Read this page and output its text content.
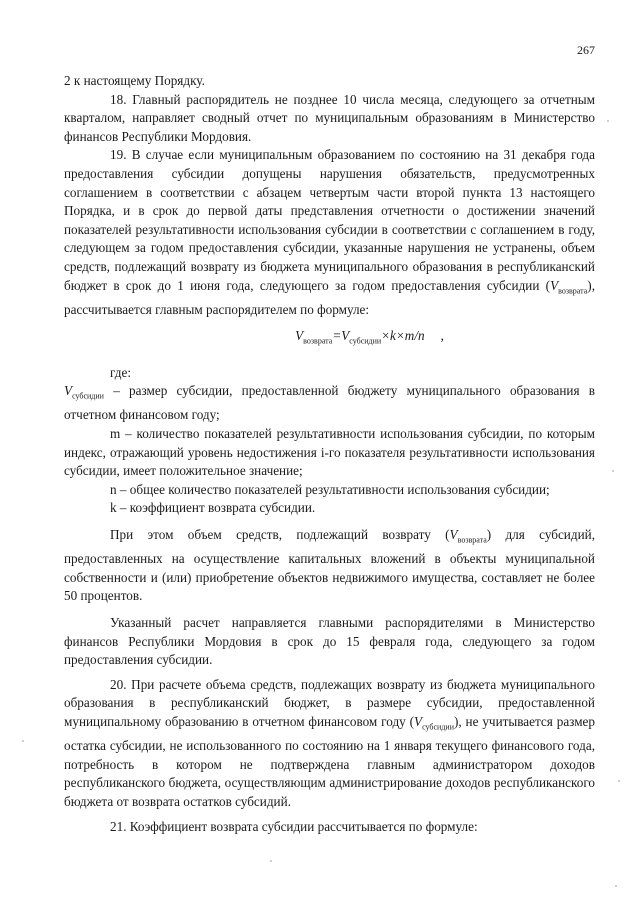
267

2 к настоящему Порядку.

18. Главный распорядитель не позднее 10 числа месяца, следующего за отчетным кварталом, направляет сводный отчет по муниципальным образованиям в Министерство финансов Республики Мордовия.

19. В случае если муниципальным образованием по состоянию на 31 декабря года предоставления субсидии допущены нарушения обязательств, предусмотренных соглашением в соответствии с абзацем четвертым части второй пункта 13 настоящего Порядка, и в срок до первой даты представления отчетности о достижении значений показателей результативности использования субсидии в соответствии с соглашением в году, следующем за годом предоставления субсидии, указанные нарушения не устранены, объем средств, подлежащий возврату из бюджета муниципального образования в республиканский бюджет в срок до 1 июня года, следующего за годом предоставления субсидии $(V_{возврата})$, рассчитывается главным распорядителем по формуле:

$V_{возврата}=V_{субсидии}\times k\times m/n$ ,

где:

$V_{субсидии}$ – размер субсидии, предоставленной бюджету муниципального образования в отчетном финансовом году;

m – количество показателей результативности использования субсидии, по которым индекс, отражающий уровень недостижения i-го показателя результативности использования субсидии, имеет положительное значение;

n – общее количество показателей результативности использования субсидии;

k – коэффициент возврата субсидии.

При этом объем средств, подлежащий возврату $(V_{возврата})$ для субсидий, предоставленных на осуществление капитальных вложений в объекты муниципальной собственности и (или) приобретение объектов недвижимого имущества, составляет не более 50 процентов.

Указанный расчет направляется главными распорядителями в Министерство финансов Республики Мордовия в срок до 15 февраля года, следующего за годом предоставления субсидии.

20. При расчете объема средств, подлежащих возврату из бюджета муниципального образования в республиканский бюджет, в размере субсидии, предоставленной муниципальному образованию в отчетном финансовом году $(V_{субсидии})$, не учитывается размер остатка субсидии, не использованного по состоянию на 1 января текущего финансового года, потребность в котором не подтверждена главным администратором доходов республиканского бюджета, осуществляющим администрирование доходов республиканского бюджета от возврата остатков субсидий.

21. Коэффициент возврата субсидии рассчитывается по формуле:
